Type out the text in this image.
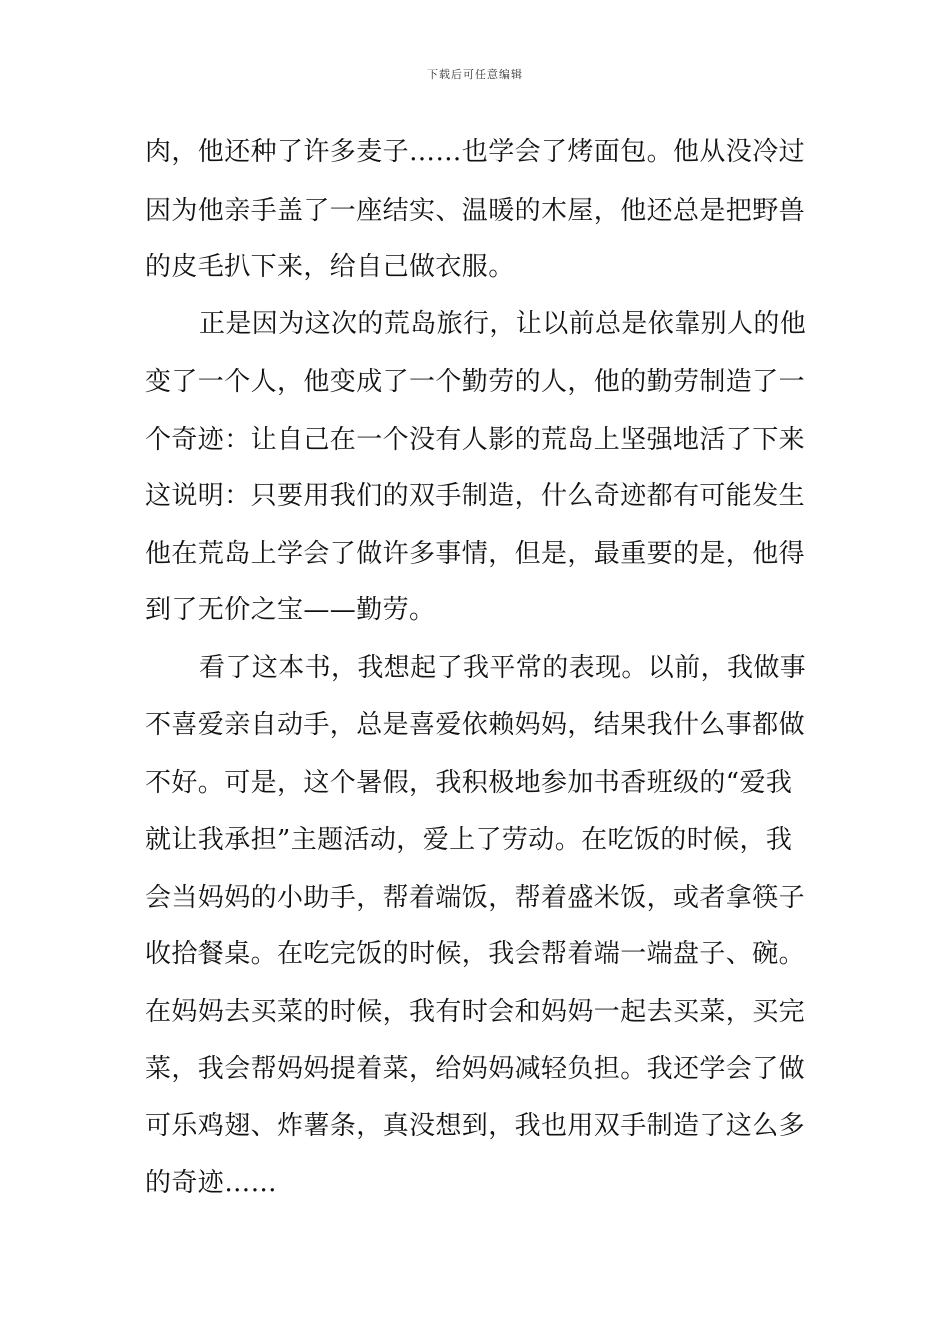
下载后可任意编辑
肉，他还种了许多麦子……也学会了烤面包。他从没冷过
因为他亲手盖了一座结实、温暖的木屋，他还总是把野兽
的皮毛扒下来，给自己做衣服。
正是因为这次的荒岛旅行，让以前总是依靠别人的他
变了一个人，他变成了一个勤劳的人，他的勤劳制造了一
个奇迹：让自己在一个没有人影的荒岛上坚强地活了下来
这说明：只要用我们的双手制造，什么奇迹都有可能发生
他在荒岛上学会了做许多事情，但是，最重要的是，他得
到了无价之宝——勤劳。
看了这本书，我想起了我平常的表现。以前，我做事
不喜爱亲自动手，总是喜爱依赖妈妈，结果我什么事都做
不好。可是，这个暑假，我积极地参加书香班级的“爱我
就让我承担”主题活动，爱上了劳动。在吃饭的时候，我
会当妈妈的小助手，帮着端饭，帮着盛米饭，或者拿筷子
收拾餐桌。在吃完饭的时候，我会帮着端一端盘子、碗。
在妈妈去买菜的时候，我有时会和妈妈一起去买菜，买完
菜，我会帮妈妈提着菜，给妈妈减轻负担。我还学会了做
可乐鸡翅、炸薯条，真没想到，我也用双手制造了这么多
的奇迹……
